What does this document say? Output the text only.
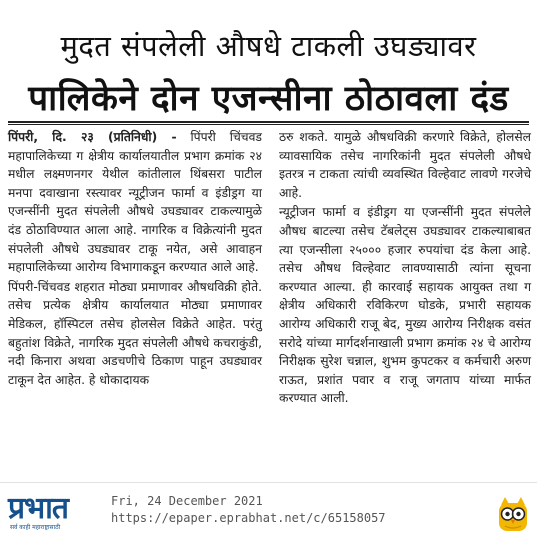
मुदत संपलेली औषधे टाकली उघड्यावर
पालिकेने दोन एजन्सीना ठोठावला दंड

पिंपरी, दि. २३ (प्रतिनिधी) - पिंपरी चिंचवड महापालिकेच्या ग क्षेत्रीय कार्यालयातील प्रभाग क्रमांक २४ मधील लक्ष्मणनगर येथील कांतीलाल थिंबसरा पाटील मनपा दवाखाना रस्त्यावर न्यूट्रीजन फार्मा व इंडीड्रग या एजन्सींनी मुदत संपलेली औषधे उघड्यावर टाकल्यामुळे दंड ठोठाविण्यात आला आहे. नागरिक व विक्रेत्यांनी मुदत संपलेली औषधे उघड्यावर टाकू नयेत, असे आवाहन महापालिकेच्या आरोग्य विभागाकडून करण्यात आले आहे.

पिंपरी-चिंचवड शहरात मोठ्या प्रमाणावर औषधविक्री होते. तसेच प्रत्येक क्षेत्रीय कार्यालयात मोठ्या प्रमाणावर मेडिकल, हॉस्पिटल तसेच होलसेल विक्रेते आहेत. परंतु बहुतांश विक्रेते, नागरिक मुदत संपलेली औषधे कचराकुंडी, नदी किनारा अथवा अडचणीचे ठिकाण पाहून उघड्यावर टाकून देत आहेत. हे धोकादायक

ठरु शकते. यामुळे औषधविक्री करणारे विक्रेते, होलसेल व्यावसायिक तसेच नागरिकांनी मुदत संपलेली औषधे इतरत्र न टाकता त्यांची व्यवस्थित विल्हेवाट लावणे गरजेचे आहे.

न्यूट्रीजन फार्मा व इंडीड्रग या एजन्सींनी मुदत संपलेले औषध बाटल्या तसेच टॅबलेट्स उघड्यावर टाकल्याबाबत त्या एजन्सीला २५००० हजार रुपयांचा दंड केला आहे. तसेच औषध विल्हेवाट लावण्यासाठी त्यांना सूचना करण्यात आल्या. ही कारवाई सहायक आयुक्त तथा ग क्षेत्रीय अधिकारी रविकिरण घोडके, प्रभारी सहायक आरोग्य अधिकारी राजू बेद, मुख्य आरोग्य निरीक्षक वसंत सरोदे यांच्या मार्गदर्शनाखाली प्रभाग क्रमांक २४ चे आरोग्य निरीक्षक सुरेश चन्नाल, शुभम कुपटकर व कर्मचारी अरुण राऊत, प्रशांत पवार व राजू जगताप यांच्या मार्फत करण्यात आली.

प्रभात
सर्व काही महाराष्ट्रासाठी
Fri, 24 December 2021
https://epaper.eprabhat.net/c/65158057
